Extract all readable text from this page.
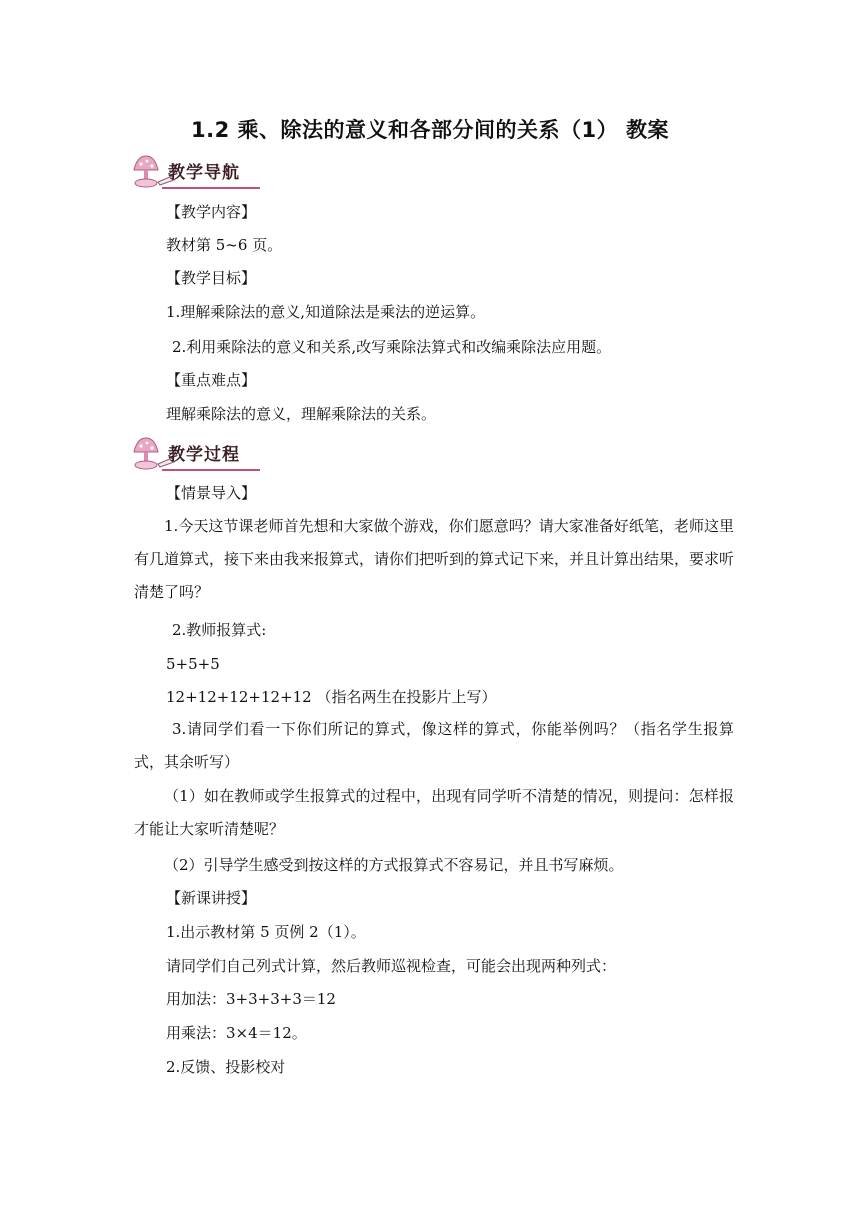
1.2 乘、除法的意义和各部分间的关系（1） 教案
教学导航
【教学内容】
教材第 5~6 页。
【教学目标】
1.理解乘除法的意义,知道除法是乘法的逆运算。
2.利用乘除法的意义和关系,改写乘除法算式和改编乘除法应用题。
【重点难点】
理解乘除法的意义，理解乘除法的关系。
教学过程
【情景导入】
1.今天这节课老师首先想和大家做个游戏，你们愿意吗？请大家准备好纸笔，老师这里有几道算式，接下来由我来报算式，请你们把听到的算式记下来，并且计算出结果，要求听清楚了吗？
2.教师报算式:
5+5+5
12+12+12+12+12 （指名两生在投影片上写）
3.请同学们看一下你们所记的算式，像这样的算式，你能举例吗？（指名学生报算式，其余听写）
（1）如在教师或学生报算式的过程中，出现有同学听不清楚的情况，则提问：怎样报才能让大家听清楚呢？
（2）引导学生感受到按这样的方式报算式不容易记，并且书写麻烦。
【新课讲授】
1.出示教材第 5 页例 2（1）。
请同学们自己列式计算，然后教师巡视检查，可能会出现两种列式：
用加法：3+3+3+3＝12
用乘法：3×4＝12。
2.反馈、投影校对
